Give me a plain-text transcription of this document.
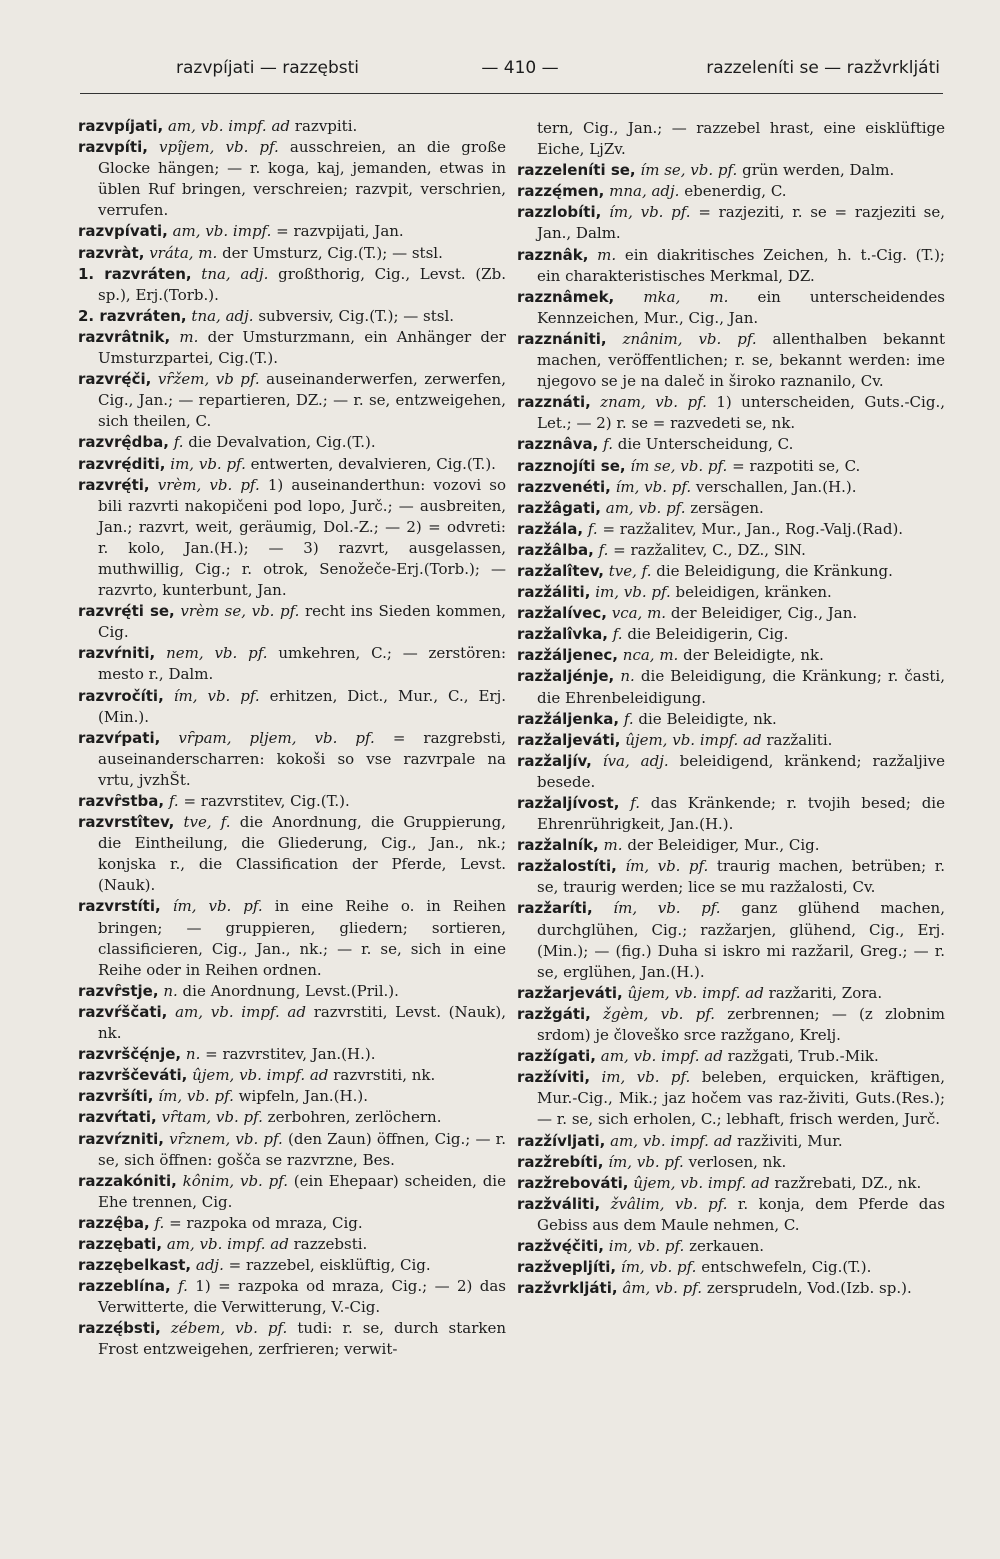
razvpíjati — razzębsti	— 410 —	razzeleníti se — razžvrkljáti

razvpíjati, am, vb. impf. ad razvpiti.

razvpíti, vpîjem, vb. pf. ausschreien, an die große Glocke hängen; — r. koga, kaj, jemanden, etwas in üblen Ruf bringen, verschreien; razvpit, verschrien, verrufen.

razvpívati, am, vb. impf. = razvpijati, Jan.

razvràt, vráta, m. der Umsturz, Cig.(T.); — stsl.

1. razvráten, tna, adj. großthorig, Cig., Levst. (Zb. sp.), Erj.(Torb.).

2. razvráten, tna, adj. subversiv, Cig.(T.); — stsl.

razvrâtnik, m. der Umsturzmann, ein Anhänger der Umsturzpartei, Cig.(T.).

razvrę́či, vȓžem, vb pf. auseinanderwerfen, zerwerfen, Cig., Jan.; — repartieren, DZ.; — r. se, entzweigehen, sich theilen, C.

razvrę̂dba, f. die Devalvation, Cig.(T.).

razvrę́diti, im, vb. pf. entwerten, devalvieren, Cig.(T.).

razvrę́ti, vrèm, vb. pf. 1) auseinanderthun: vozovi so bili razvrti nakopičeni pod lopo, Jurč.; — ausbreiten, Jan.; razvrt, weit, geräumig, Dol.-Z.; — 2) = odvreti: r. kolo, Jan.(H.); — 3) razvrt, ausgelassen, muthwillig, Cig.; r. otrok, Senožeče-Erj.(Torb.); — razvrto, kunterbunt, Jan.

razvrę́ti se, vrèm se, vb. pf. recht ins Sieden kommen, Cig.

razvŕniti, nem, vb. pf. umkehren, C.; — zerstören: mesto r., Dalm.

razvročíti, ím, vb. pf. erhitzen, Dict., Mur., C., Erj.(Min.).

razvŕpati, vȓpam, pljem, vb. pf. = razgrebsti, auseinanderscharren: kokoši so vse razvrpale na vrtu, jvzhŠt.

razvȓstba, f. = razvrstitev, Cig.(T.).

razvrstîtev, tve, f. die Anordnung, die Gruppierung, die Eintheilung, die Gliederung, Cig., Jan., nk.; konjska r., die Classification der Pferde, Levst.(Nauk).

razvrstíti, ím, vb. pf. in eine Reihe o. in Reihen bringen; — gruppieren, gliedern; sortieren, classificieren, Cig., Jan., nk.; — r. se, sich in eine Reihe oder in Reihen ordnen.

razvȓstje, n. die Anordnung, Levst.(Pril.).

razvŕščati, am, vb. impf. ad razvrstiti, Levst. (Nauk), nk.

razvrščę́nje, n. = razvrstitev, Jan.(H.).

razvrščeváti, ûjem, vb. impf. ad razvrstiti, nk.

razvršíti, ím, vb. pf. wipfeln, Jan.(H.).

razvŕtati, vȓtam, vb. pf. zerbohren, zerlöchern.

razvŕzniti, vȓznem, vb. pf. (den Zaun) öffnen, Cig.; — r. se, sich öffnen: gošča se razvrzne, Bes.

razzakóniti, kônim, vb. pf. (ein Ehepaar) scheiden, die Ehe trennen, Cig.

razzę̂ba, f. = razpoka od mraza, Cig.

razzębati, am, vb. impf. ad razzebsti.

razzębelkast, adj. = razzebel, eisklüftig, Cig.

razzeblína, f. 1) = razpoka od mraza, Cig.; — 2) das Verwitterte, die Verwitterung, V.-Cig.

razzę́bsti, zébem, vb. pf. tudi: r. se, durch starken Frost entzweigehen, zerfrieren; verwit-

tern, Cig., Jan.; — razzebel hrast, eine eisklüftige Eiche, LjZv.

razzeleníti se, ím se, vb. pf. grün werden, Dalm.

razzę́men, mna, adj. ebenerdig, C.

razzlobíti, ím, vb. pf. = razjeziti, r. se = razjeziti se, Jan., Dalm.

razznâk, m. ein diakritisches Zeichen, h. t.-Cig. (T.); ein charakteristisches Merkmal, DZ.

razznâmek, mka, m. ein unterscheidendes Kennzeichen, Mur., Cig., Jan.

razznániti, znânim, vb. pf. allenthalben bekannt machen, veröffentlichen; r. se, bekannt werden: ime njegovo se je na daleč in široko raznanilo, Cv.

razznáti, znam, vb. pf. 1) unterscheiden, Guts.-Cig., Let.; — 2) r. se = razvedeti se, nk.

razznâva, f. die Unterscheidung, C.

razznojíti se, ím se, vb. pf. = razpotiti se, C.

razzvenéti, ím, vb. pf. verschallen, Jan.(H.).

razžâgati, am, vb. pf. zersägen.

razžála, f. = razžalitev, Mur., Jan., Rog.-Valj.(Rad).

razžâlba, f. = razžalitev, C., DZ., SlN.

razžalîtev, tve, f. die Beleidigung, die Kränkung.

razžáliti, im, vb. pf. beleidigen, kränken.

razžalívec, vca, m. der Beleidiger, Cig., Jan.

razžalîvka, f. die Beleidigerin, Cig.

razžáljenec, nca, m. der Beleidigte, nk.

razžaljénje, n. die Beleidigung, die Kränkung; r. časti, die Ehrenbeleidigung.

razžáljenka, f. die Beleidigte, nk.

razžaljeváti, ûjem, vb. impf. ad razžaliti.

razžaljív, íva, adj. beleidigend, kränkend; razžaljive besede.

razžaljívost, f. das Kränkende; r. tvojih besed; die Ehrenrührigkeit, Jan.(H.).

razžalník, m. der Beleidiger, Mur., Cig.

razžalostíti, ím, vb. pf. traurig machen, betrüben; r. se, traurig werden; lice se mu razžalosti, Cv.

razžaríti, ím, vb. pf. ganz glühend machen, durchglühen, Cig.; razžarjen, glühend, Cig., Erj.(Min.); — (fig.) Duha si iskro mi razžaril, Greg.; — r. se, erglühen, Jan.(H.).

razžarjeváti, ûjem, vb. impf. ad razžariti, Zora.

razžgáti, žgèm, vb. pf. zerbrennen; — (z zlobnim srdom) je človeško srce razžgano, Krelj.

razžígati, am, vb. impf. ad razžgati, Trub.-Mik.

razžíviti, im, vb. pf. beleben, erquicken, kräftigen, Mur.-Cig., Mik.; jaz hočem vas raz-živiti, Guts.(Res.); — r. se, sich erholen, C.; lebhaft, frisch werden, Jurč.

razžívljati, am, vb. impf. ad razživiti, Mur.

razžrebíti, ím, vb. pf. verlosen, nk.

razžrebováti, ûjem, vb. impf. ad razžrebati, DZ., nk.

razžváliti, žvâlim, vb. pf. r. konja, dem Pferde das Gebiss aus dem Maule nehmen, C.

razžvę́čiti, im, vb. pf. zerkauen.

razžvepljíti, ím, vb. pf. entschwefeln, Cig.(T.).

razžvrkljáti, âm, vb. pf. zersprudeln, Vod.(Izb. sp.).
